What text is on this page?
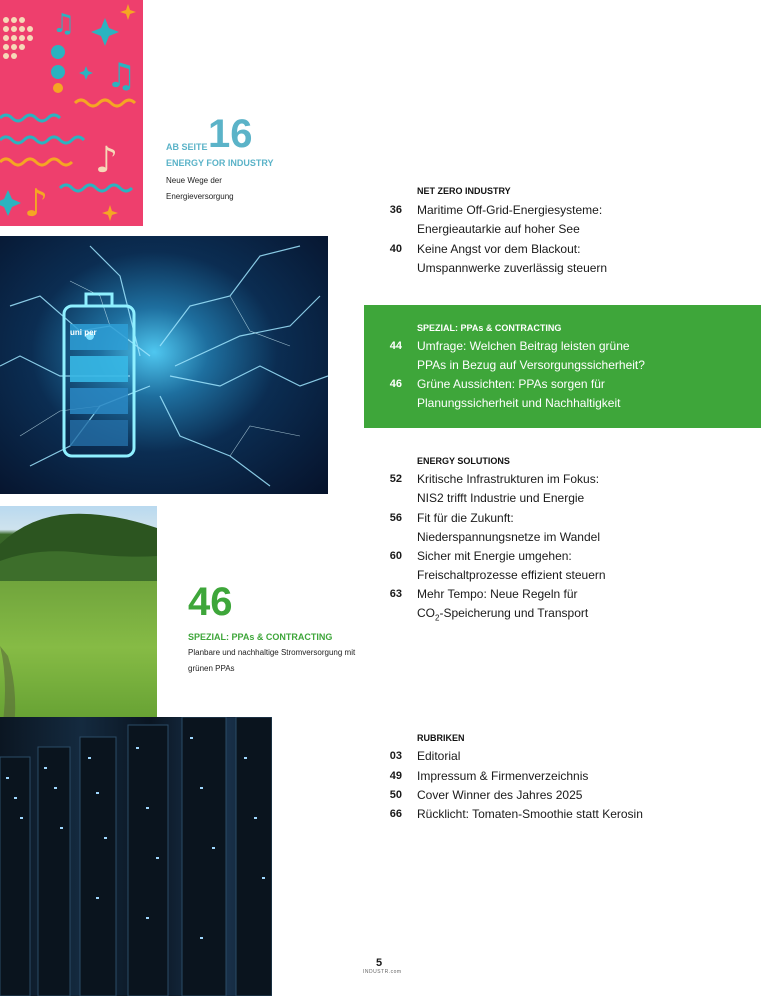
♫
♫
♪
♪
uni per
AB SEITE 16
ENERGY FOR INDUSTRY
Neue Wege der Energieversorgung
46
SPEZIAL: PPAs & CONTRACTING
Planbare und nachhaltige Stromversorgung mit grünen PPAs
NET ZERO INDUSTRY
36 Maritime Off-Grid-Energiesysteme:
Energieautarkie auf hoher See
40 Keine Angst vor dem Blackout:
Umspannwerke zuverlässig steuern
SPEZIAL: PPAs & CONTRACTING
44 Umfrage: Welchen Beitrag leisten grüne
PPAs in Bezug auf Versorgungssicherheit?
46 Grüne Aussichten: PPAs sorgen für
Planungssicherheit und Nachhaltigkeit
ENERGY SOLUTIONS
52 Kritische Infrastrukturen im Fokus:
NIS2 trifft Industrie und Energie
56 Fit für die Zukunft:
Niederspannungsnetze im Wandel
60 Sicher mit Energie umgehen:
Freischaltprozesse effizient steuern
63 Mehr Tempo: Neue Regeln für
$CO_2$-Speicherung und Transport
RUBRIKEN
03 Editorial
49 Impressum & Firmenverzeichnis
50 Cover Winner des Jahres 2025
66 Rücklicht: Tomaten-Smoothie statt Kerosin
5
INDUSTR.com
